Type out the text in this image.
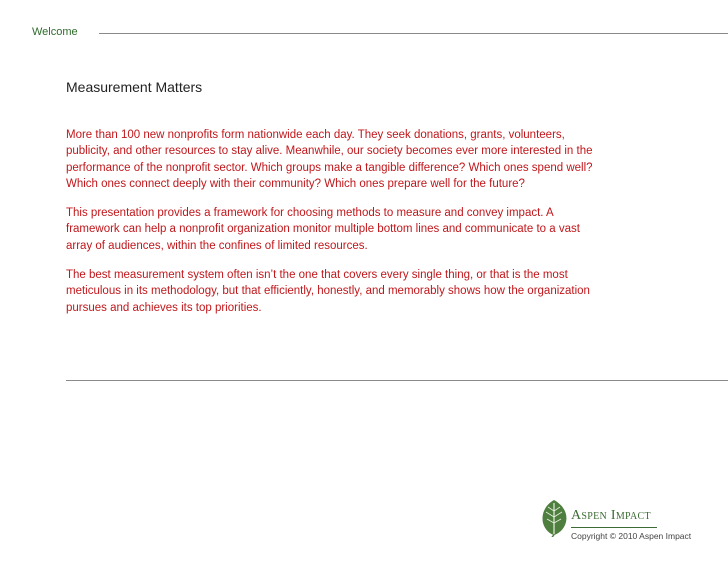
Welcome
Measurement Matters

More than 100 new nonprofits form nationwide each day. They seek donations, grants, volunteers, publicity, and other resources to stay alive. Meanwhile, our society becomes ever more interested in the performance of the nonprofit sector. Which groups make a tangible difference? Which ones spend well? Which ones connect deeply with their community? Which ones prepare well for the future?

This presentation provides a framework for choosing methods to measure and convey impact. A framework can help a nonprofit organization monitor multiple bottom lines and communicate to a vast array of audiences, within the confines of limited resources.

The best measurement system often isn’t the one that covers every single thing, or that is the most meticulous in its methodology, but that efficiently, honestly, and memorably shows how the organization pursues and achieves its top priorities.

Aspen Impact
Copyright © 2010 Aspen Impact
